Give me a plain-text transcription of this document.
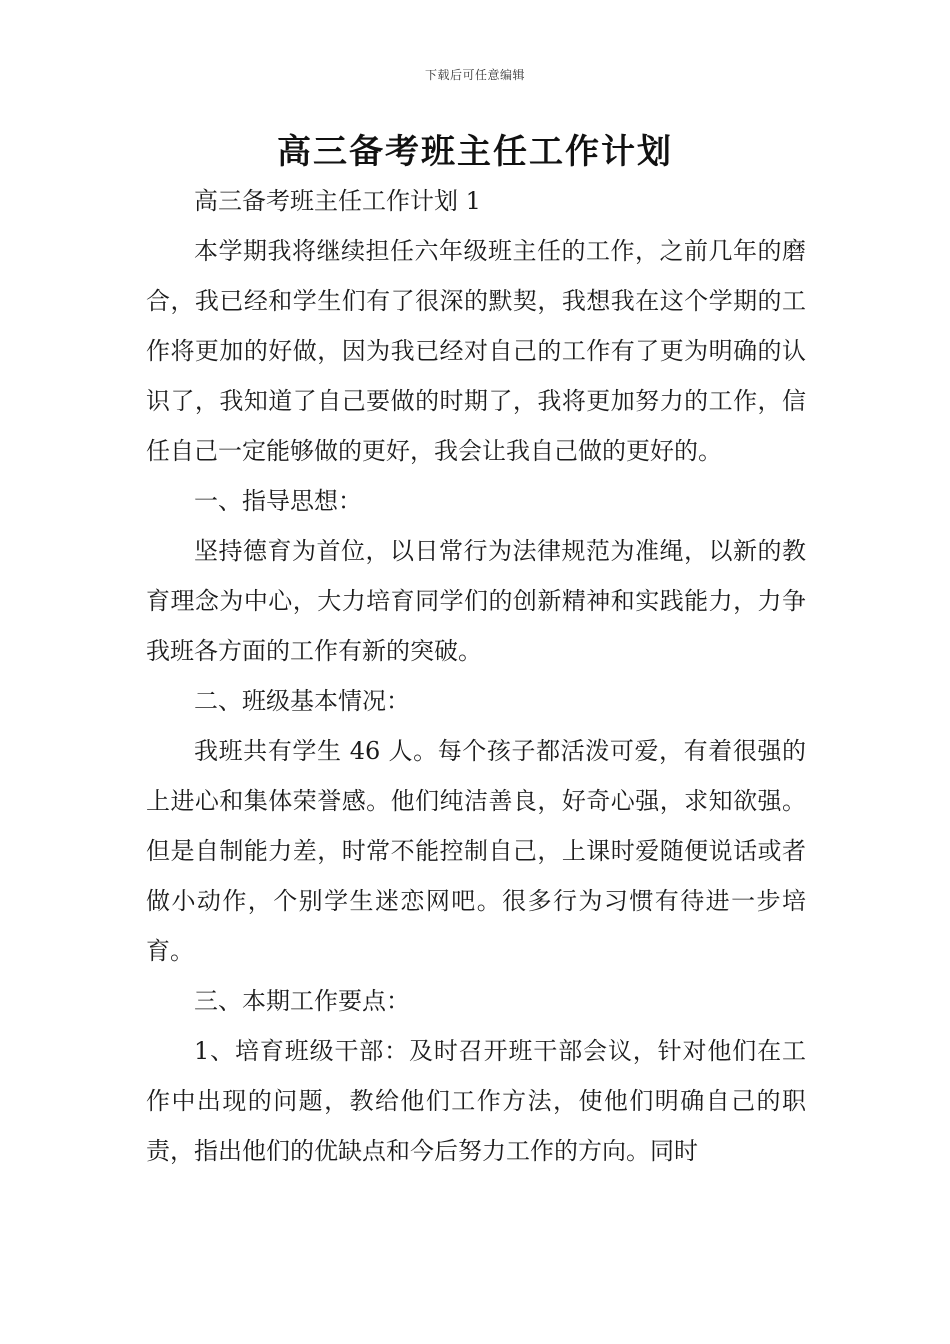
下载后可任意编辑
高三备考班主任工作计划

高三备考班主任工作计划 1

本学期我将继续担任六年级班主任的工作，之前几年的磨合，我已经和学生们有了很深的默契，我想我在这个学期的工作将更加的好做，因为我已经对自己的工作有了更为明确的认识了，我知道了自己要做的时期了，我将更加努力的工作，信任自己一定能够做的更好，我会让我自己做的更好的。

一、指导思想：

坚持德育为首位，以日常行为法律规范为准绳，以新的教育理念为中心，大力培育同学们的创新精神和实践能力，力争我班各方面的工作有新的突破。

二、班级基本情况：

我班共有学生 46 人。每个孩子都活泼可爱，有着很强的上进心和集体荣誉感。他们纯洁善良，好奇心强，求知欲强。但是自制能力差，时常不能控制自己，上课时爱随便说话或者做小动作，个别学生迷恋网吧。很多行为习惯有待进一步培育。

三、本期工作要点：

1、培育班级干部：及时召开班干部会议，针对他们在工作中出现的问题，教给他们工作方法，使他们明确自己的职责，指出他们的优缺点和今后努力工作的方向。同时
